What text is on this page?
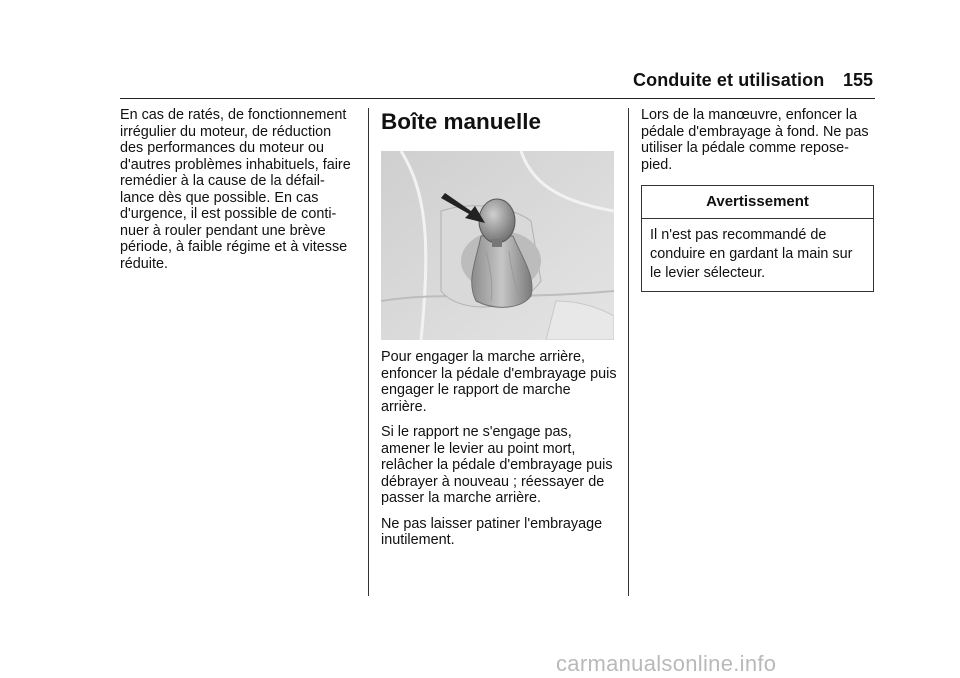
Conduite et utilisation 155

En cas de ratés, de fonctionnement irrégulier du moteur, de réduction des performances du moteur ou d'autres problèmes inhabituels, faire remédier à la cause de la défail- lance dès que possible. En cas d'urgence, il est possible de conti- nuer à rouler pendant une brève période, à faible régime et à vitesse réduite.

Boîte manuelle

Pour engager la marche arrière, enfoncer la pédale d'embrayage puis engager le rapport de marche arrière.

Si le rapport ne s'engage pas, amener le levier au point mort, relâcher la pédale d'embrayage puis débrayer à nouveau ; réessayer de passer la marche arrière.

Ne pas laisser patiner l'embrayage inutilement.

Lors de la manœuvre, enfoncer la pédale d'embrayage à fond. Ne pas utiliser la pédale comme repose-pied.

Avertissement
Il n'est pas recommandé de conduire en gardant la main sur le levier sélecteur.
carmanualsonline.info
